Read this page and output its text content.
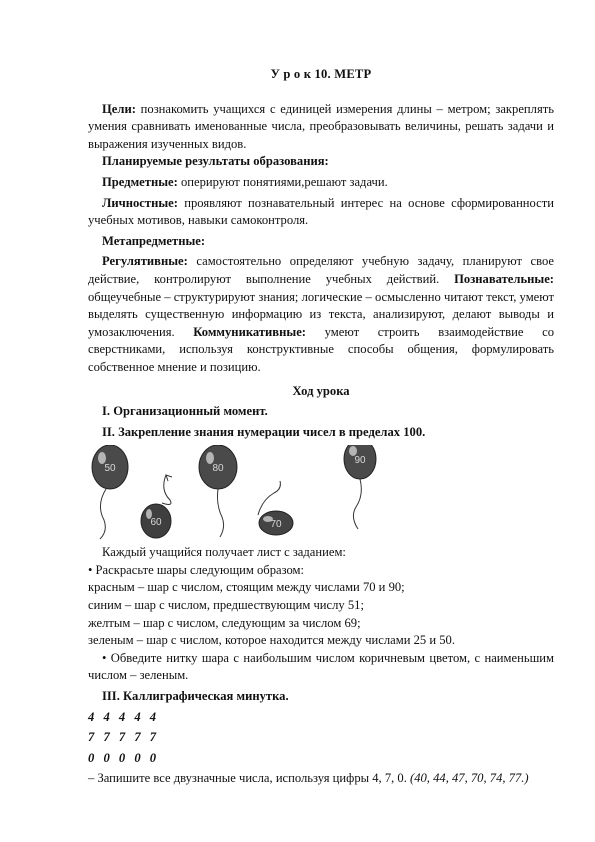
У р о к 10. МЕТР

Цели: познакомить учащихся с единицей измерения длины – метром; закреплять умения сравнивать именованные числа, преобразовывать величины, решать задачи и выражения изученных видов.

Планируемые результаты образования:

Предметные: оперируют понятиями,решают задачи.

Личностные: проявляют познавательный интерес на основе сформированности учебных мотивов, навыки самоконтроля.

Метапредметные:

Регулятивные: самостоятельно определяют учебную задачу, планируют свое действие, контролируют выполнение учебных действий. Познавательные: общеучебные – структурируют знания; логические – осмысленно читают текст, умеют выделять существенную информацию из текста, анализируют, делают выводы и умозаключения. Коммуникативные: умеют строить взаимодействие со сверстниками, используя конструктивные способы общения, формулировать собственное мнение и позицию.

Ход урока

I. Организационный момент.

II. Закрепление знания нумерации чисел в пределах 100.

50
60
80
70
90

Каждый учащийся получает лист с заданием:

• Раскрасьте шары следующим образом:

красным – шар с числом, стоящим между числами 70 и 90;

синим – шар с числом, предшествующим числу 51;

желтым – шар с числом, следующим за числом 69;

зеленым – шар с числом, которое находится между числами 25 и 50.

• Обведите нитку шара с наибольшим числом коричневым цветом, с наименьшим числом – зеленым.

III. Каллиграфическая минутка.

4 4 4 4 4

7 7 7 7 7

0 0 0 0 0

– Запишите все двузначные числа, используя цифры 4, 7, 0. (40, 44, 47, 70, 74, 77.)
